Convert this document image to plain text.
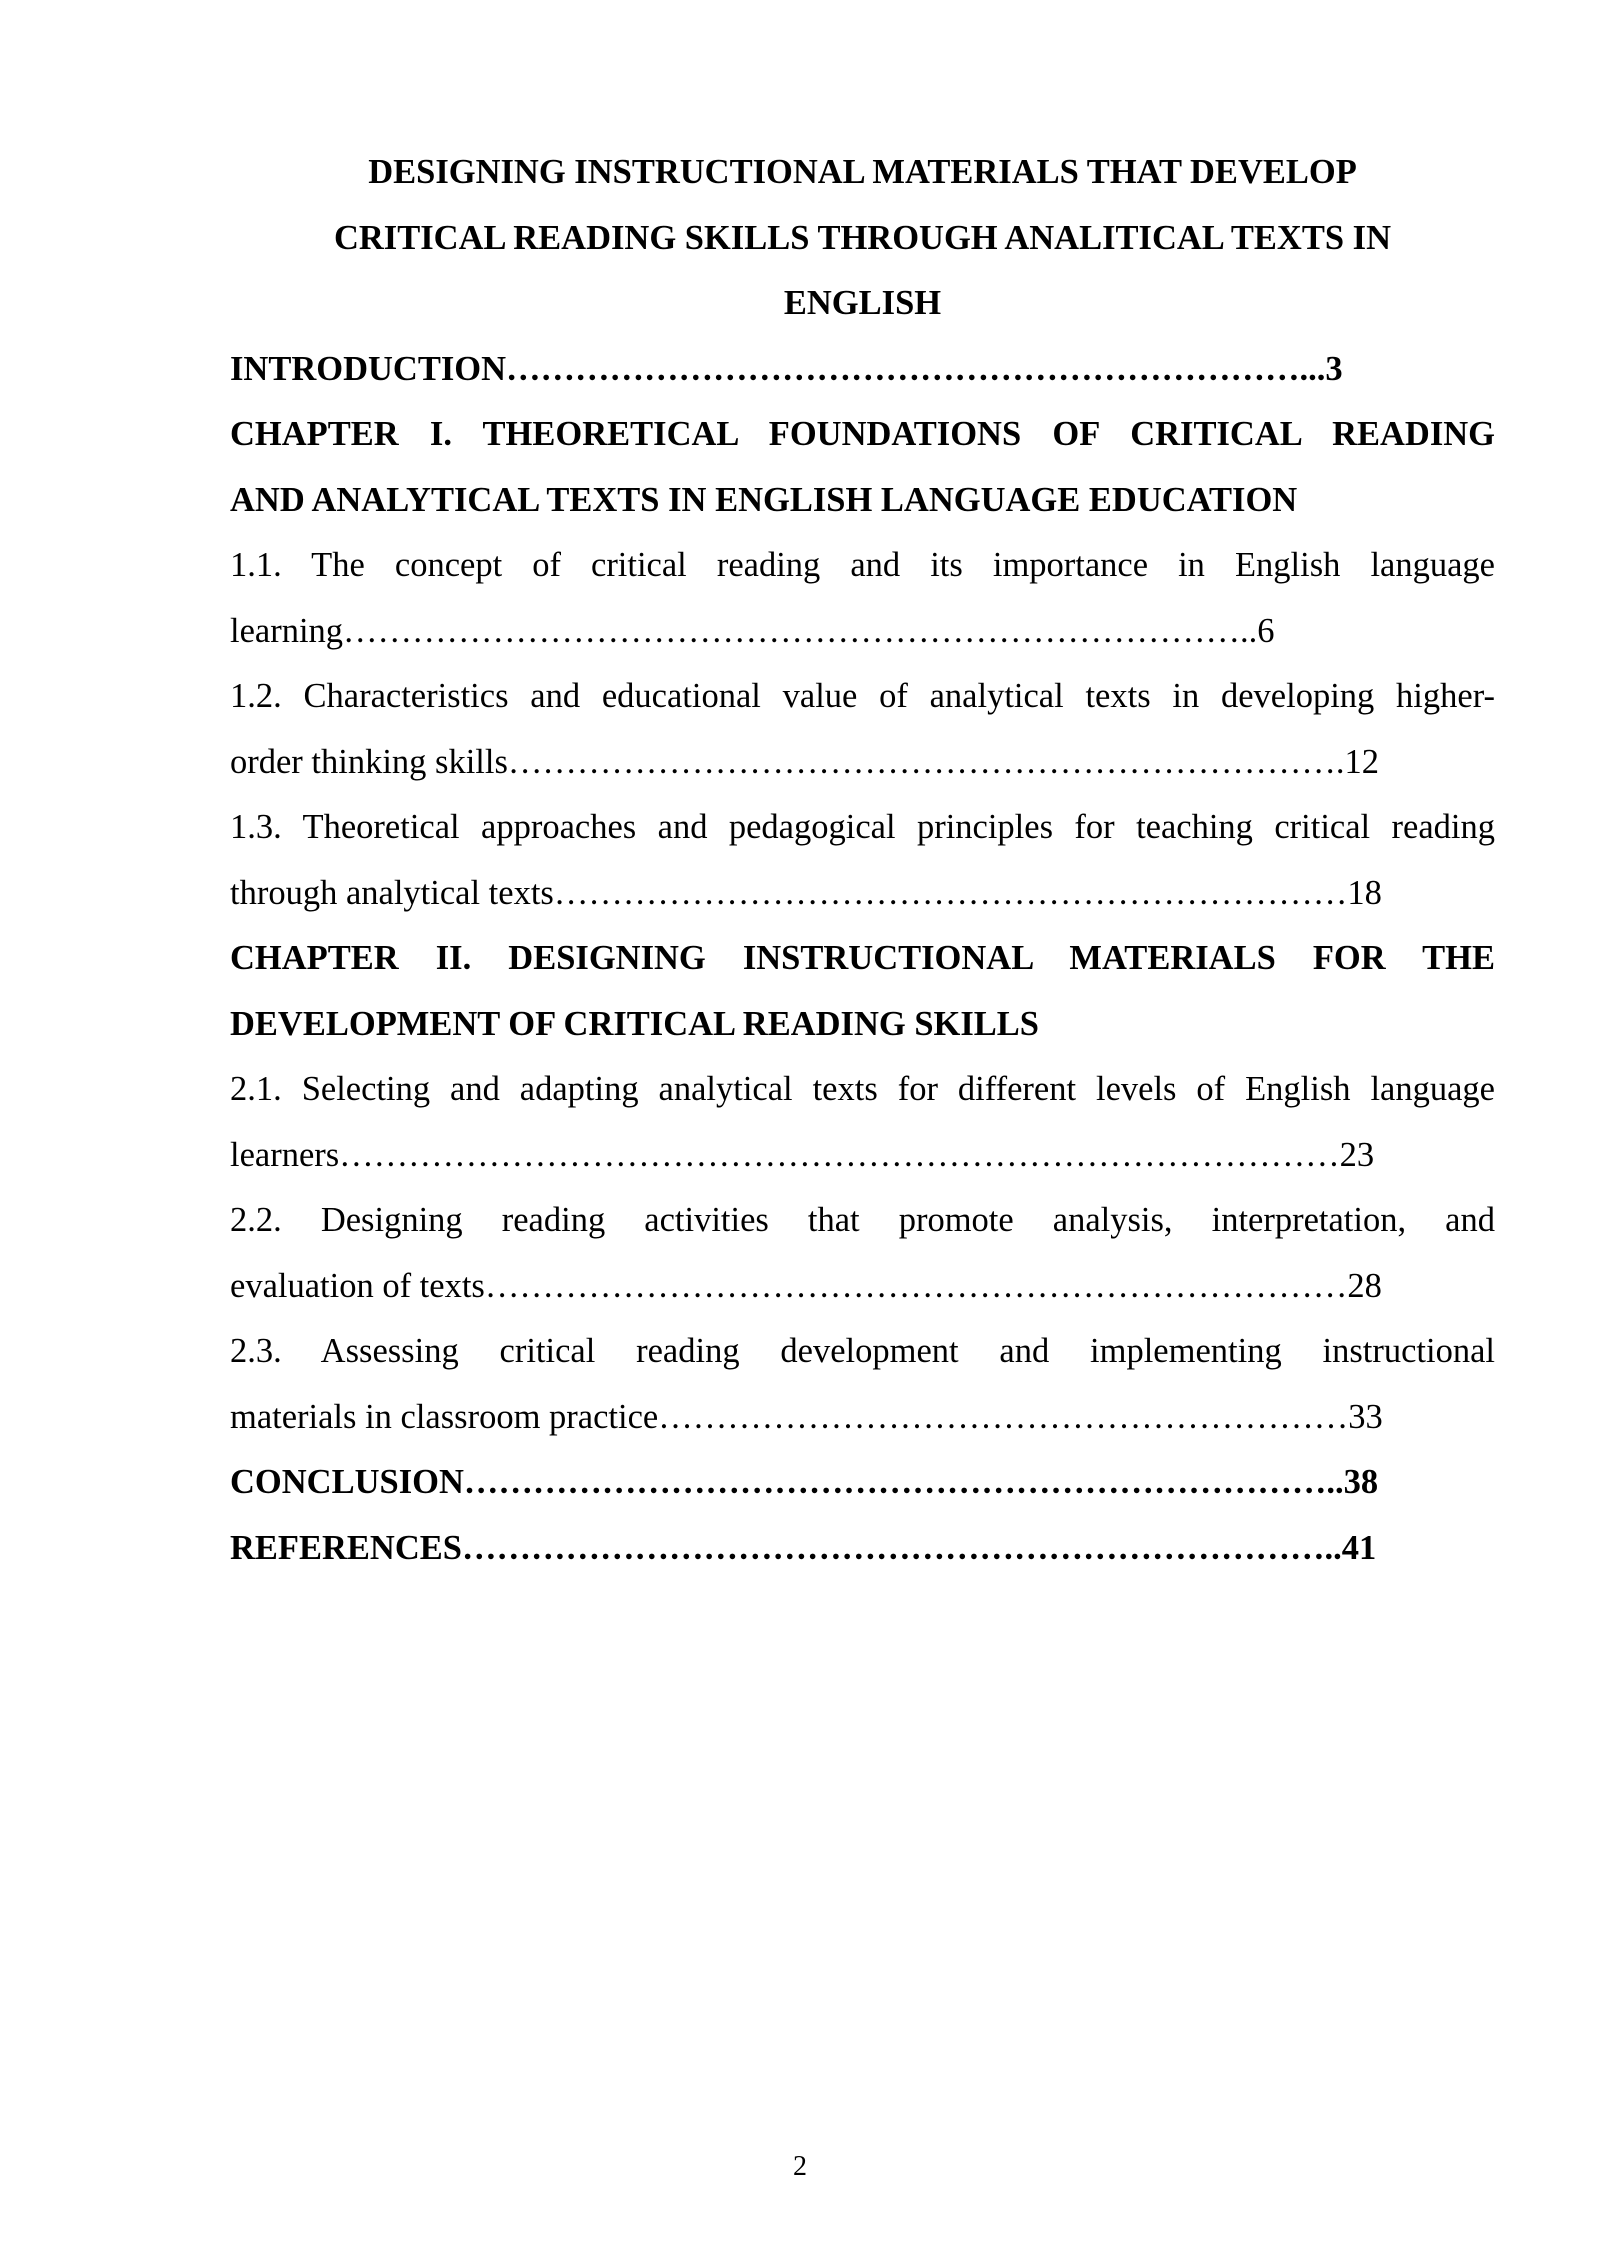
DESIGNING INSTRUCTIONAL MATERIALS THAT DEVELOP

CRITICAL READING SKILLS THROUGH ANALITICAL TEXTS IN

ENGLISH

INTRODUCTION……………………………………………………………...3
CHAPTER I. THEORETICAL FOUNDATIONS OF CRITICAL READING
AND ANALYTICAL TEXTS IN ENGLISH LANGUAGE EDUCATION
1.1. The concept of critical reading and its importance in English language
learning……………………………………………………………………..6
1.2. Characteristics and educational value of analytical texts in developing higher-
order thinking skills……………………………………………………………….12
1.3. Theoretical approaches and pedagogical principles for teaching critical reading
through analytical texts……………………………………………………………18
CHAPTER II. DESIGNING INSTRUCTIONAL MATERIALS FOR THE
DEVELOPMENT OF CRITICAL READING SKILLS
2.1. Selecting and adapting analytical texts for different levels of English language
learners……………………………………………………………………………23
2.2. Designing reading activities that promote analysis, interpretation, and
evaluation of texts…………………………………………………………………28
2.3. Assessing critical reading development and implementing instructional
materials in classroom practice……………………………………………………33
CONCLUSION…………………………………………………………………..38
REFERENCES…………………………………………………………………..41
2
